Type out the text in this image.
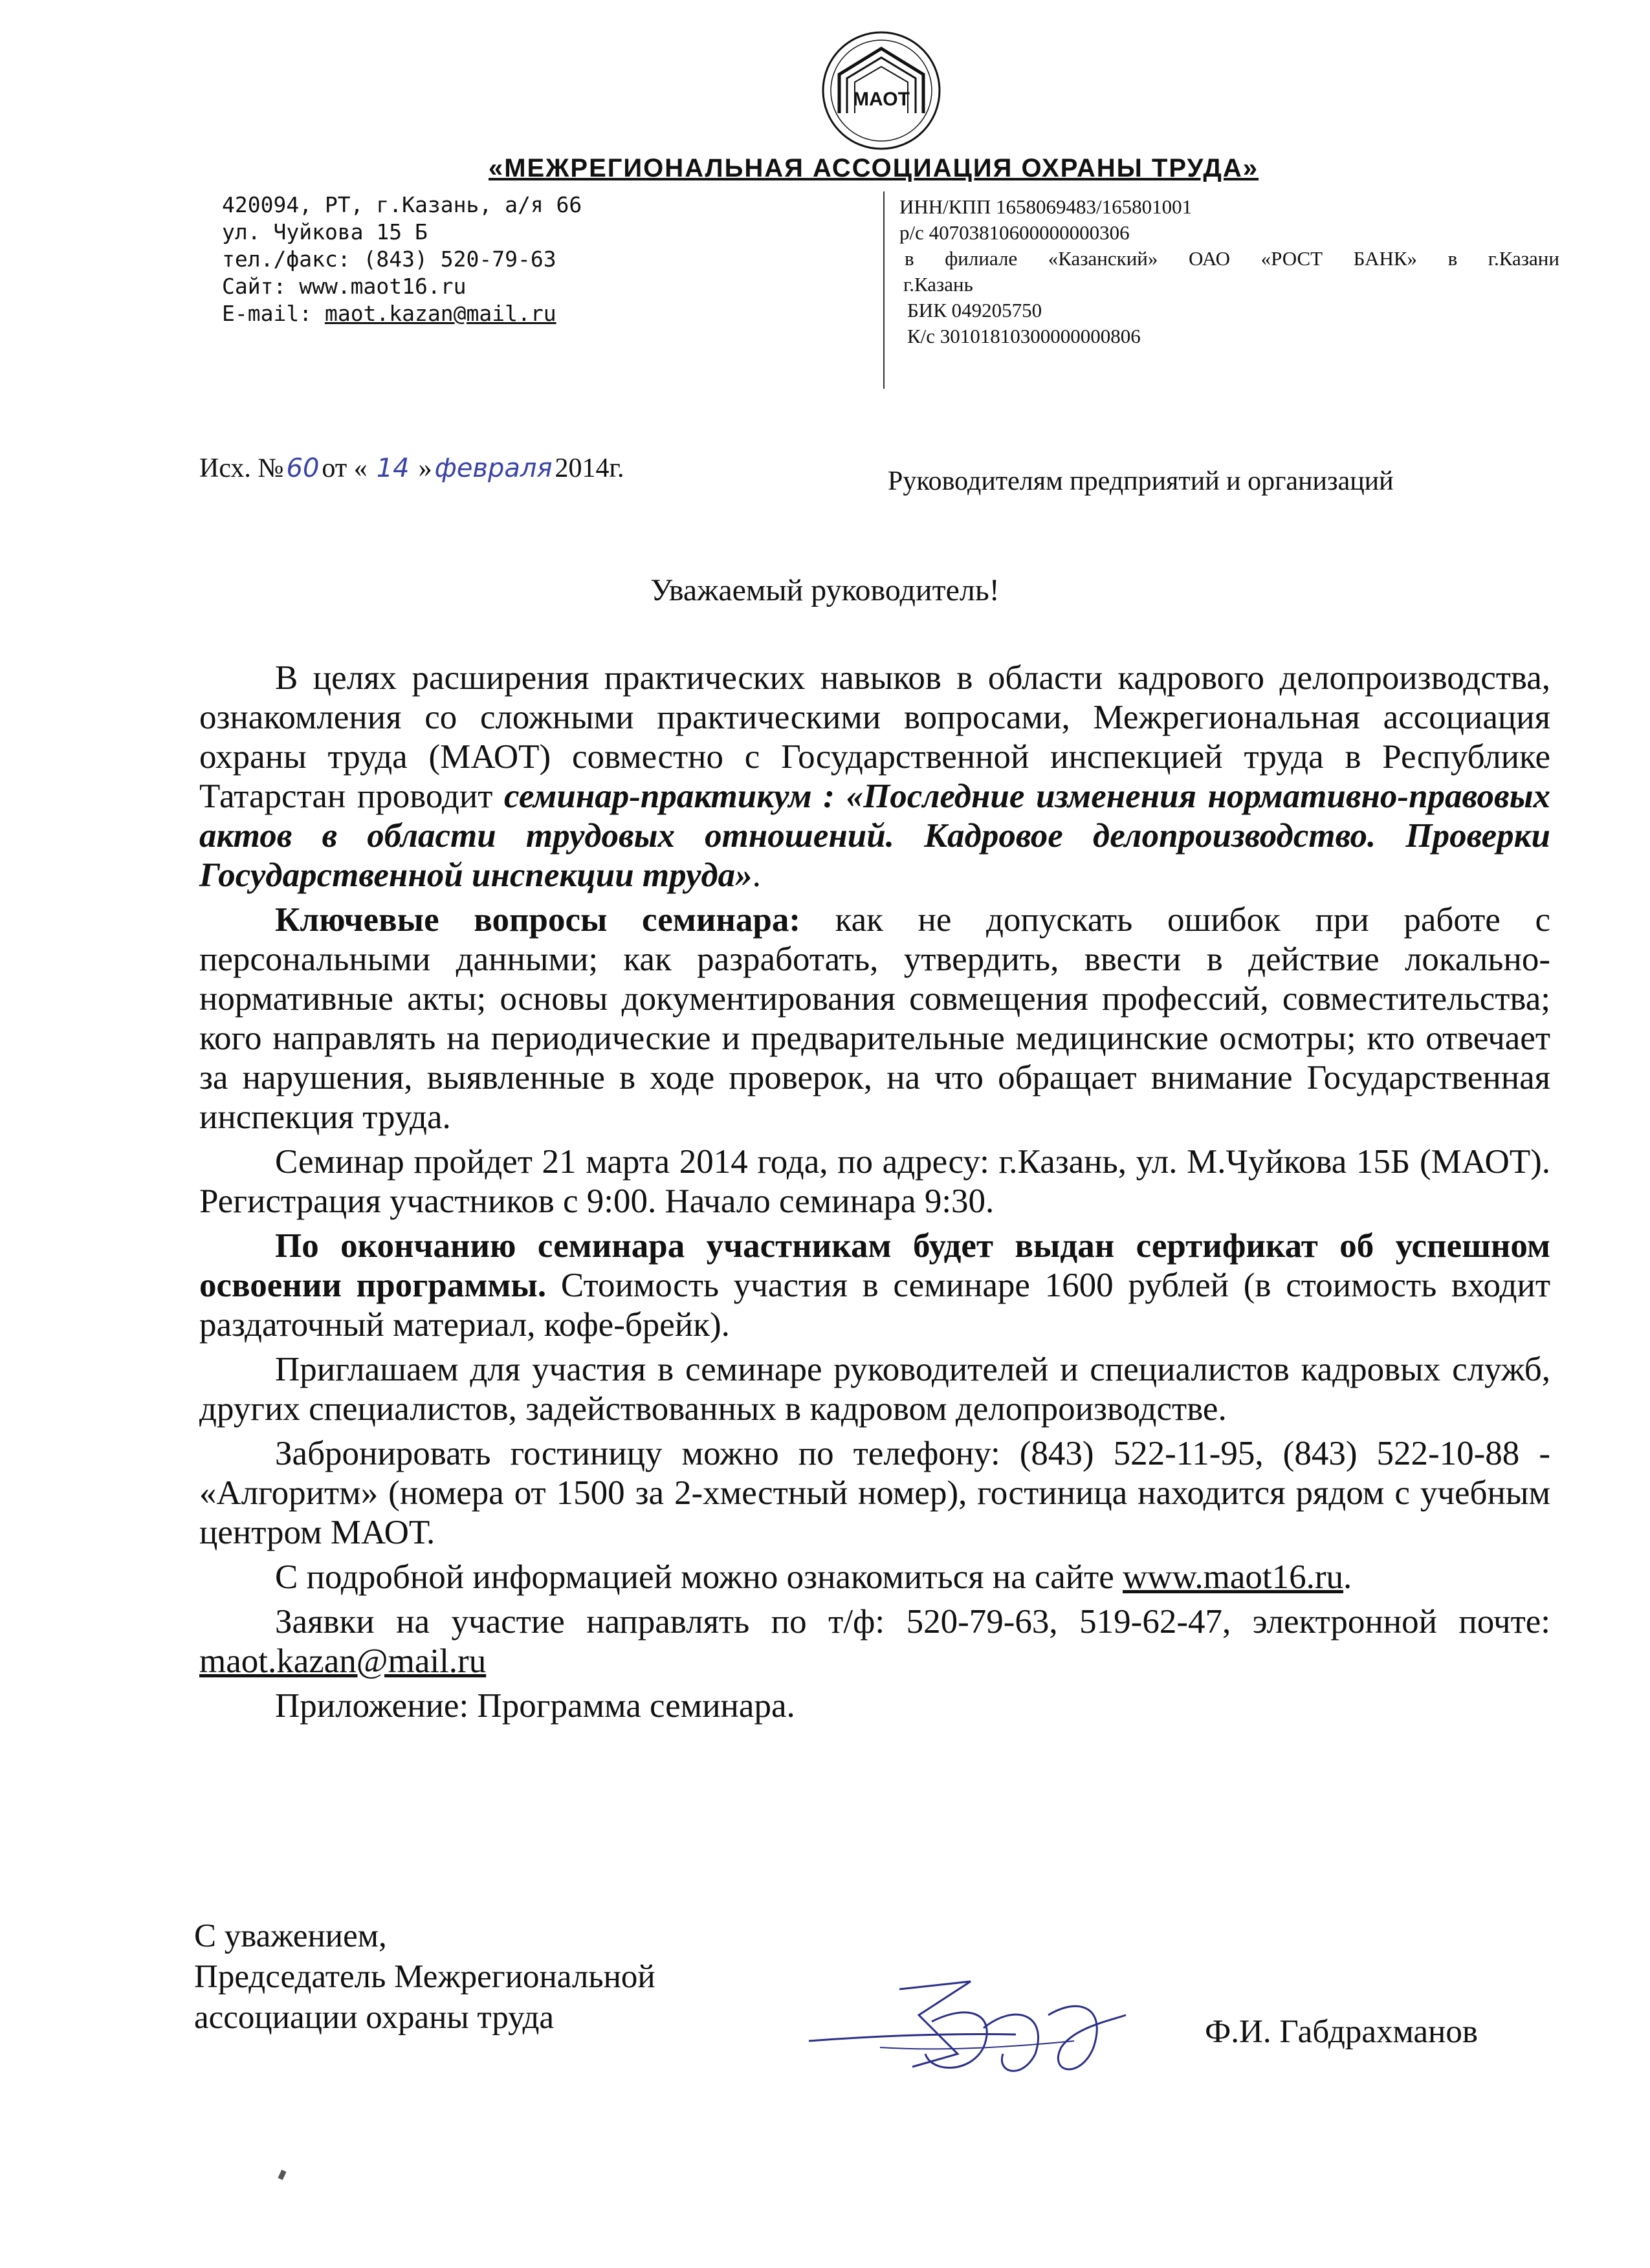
МАОТ
«МЕЖРЕГИОНАЛЬНАЯ АССОЦИАЦИЯ ОХРАНЫ ТРУДА»
420094, РТ, г.Казань, а/я 66
ул. Чуйкова 15 Б
тел./факс: (843) 520-79-63
Сайт: www.maot16.ru
E-mail: maot.kazan@mail.ru
ИНН/КПП 1658069483/165801001
р/с 40703810600000000306
в филиале «Казанский» ОАО «РОСТ БАНК» в г.Казани
г.Казань
БИК 049205750
К/с 30101810300000000806
Исх. № 60от « 14 » февраля2014г.	Руководителям предприятий и организаций
Уважаемый руководитель!

В целях расширения практических навыков в области кадрового делопроизводства, ознакомления со сложными практическими вопросами, Межрегиональная ассоциация охраны труда (МАОТ) совместно с Государственной инспекцией труда в Республике Татарстан проводит семинар-практикум : «Последние изменения нормативно-правовых актов в области трудовых отношений. Кадровое делопроизводство. Проверки Государственной инспекции труда».

Ключевые вопросы семинара: как не допускать ошибок при работе с персональными данными; как разработать, утвердить, ввести в действие локально-нормативные акты; основы документирования совмещения профессий, совместительства; кого направлять на периодические и предварительные медицинские осмотры; кто отвечает за нарушения, выявленные в ходе проверок, на что обращает внимание Государственная инспекция труда.

Семинар пройдет 21 марта 2014 года, по адресу: г.Казань, ул. М.Чуйкова 15Б (МАОТ). Регистрация участников с 9:00. Начало семинара 9:30.

По окончанию семинара участникам будет выдан сертификат об успешном освоении программы. Стоимость участия в семинаре 1600 рублей (в стоимость входит раздаточный материал, кофе-брейк).

Приглашаем для участия в семинаре руководителей и специалистов кадровых служб, других специалистов, задействованных в кадровом делопроизводстве.

Забронировать гостиницу можно по телефону: (843) 522-11-95, (843) 522-10-88 - «Алгоритм» (номера от 1500 за 2-хместный номер), гостиница находится рядом с учебным центром МАОТ.

С подробной информацией можно ознакомиться на сайте www.maot16.ru.

Заявки на участие направлять по т/ф: 520-79-63, 519-62-47, электронной почте: maot.kazan@mail.ru

Приложение: Программа семинара.

С уважением,
Председатель Межрегиональной
ассоциации охраны труда	Ф.И. Габдрахманов
